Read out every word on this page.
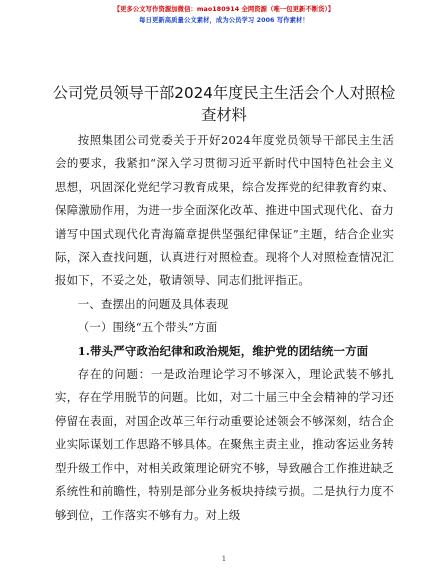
【更多公文写作资源加微信：mao180914 全网资源（唯一包更新不断货）】
每日更新高质量公文素材，成为公员学习 2006 写作素材！
公司党员领导干部2024年度民主生活会个人对照检查材料

按照集团公司党委关于开好2024年度党员领导干部民主生活会的要求，我紧扣“深入学习贯彻习近平新时代中国特色社会主义思想，巩固深化党纪学习教育成果，综合发挥党的纪律教育约束、保障激励作用，为进一步全面深化改革、推进中国式现代化、奋力谱写中国式现代化青海篇章提供坚强纪律保证”主题，结合企业实际，深入查找问题，认真进行对照检查。现将个人对照检查情况汇报如下，不妥之处，敬请领导、同志们批评指正。

一、查摆出的问题及具体表现

（一）围绕“五个带头”方面

1.带头严守政治纪律和政治规矩，维护党的团结统一方面

存在的问题：一是政治理论学习不够深入，理论武装不够扎实，存在学用脱节的问题。比如，对二十届三中全会精神的学习还停留在表面，对国企改革三年行动重要论述领会不够深刻，结合企业实际谋划工作思路不够具体。在聚焦主责主业，推动客运业务转型升级工作中，对相关政策理论研究不够，导致融合工作推进缺乏系统性和前瞻性，特别是部分业务板块持续亏损。二是执行力度不够到位，工作落实不够有力。对上级

1
